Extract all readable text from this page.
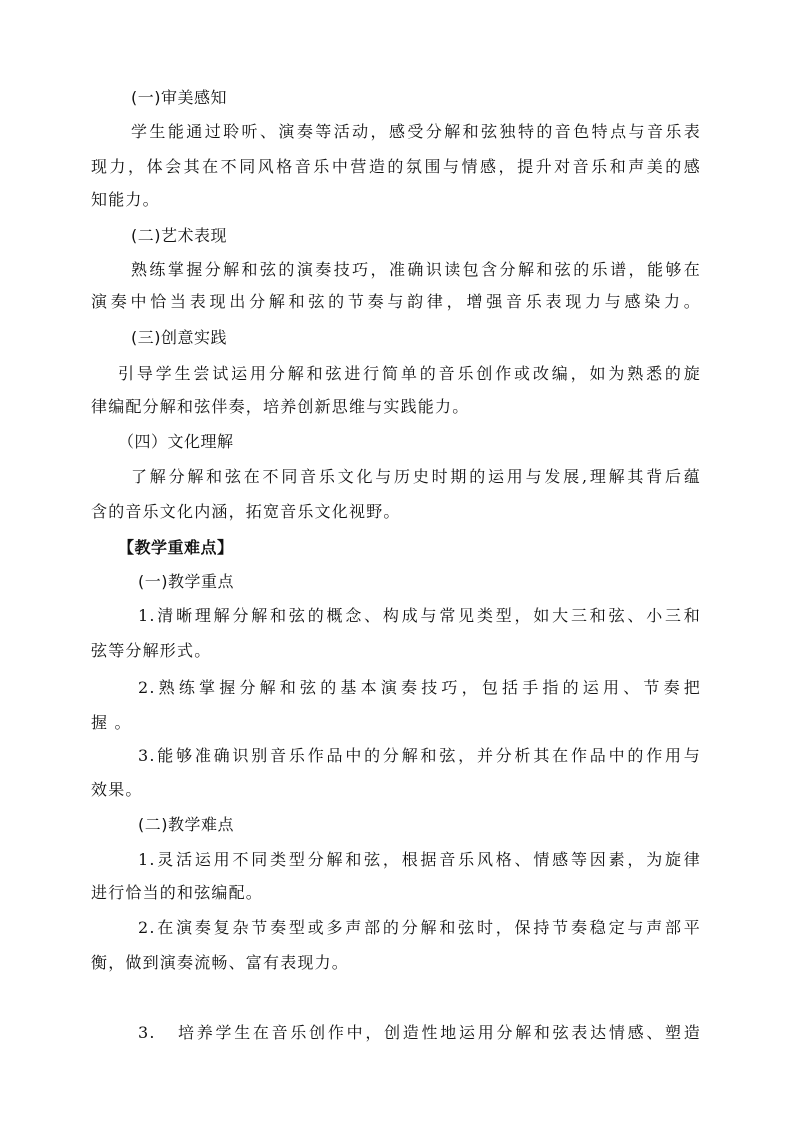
(一)审美感知
学生能通过聆听、演奏等活动，感受分解和弦独特的音色特点与音乐表
现力，体会其在不同风格音乐中营造的氛围与情感，提升对音乐和声美的感
知能力。
(二)艺术表现
熟练掌握分解和弦的演奏技巧，准确识读包含分解和弦的乐谱，能够在
演奏中恰当表现出分解和弦的节奏与韵律，增强音乐表现力与感染力。
(三)创意实践
引导学生尝试运用分解和弦进行简单的音乐创作或改编，如为熟悉的旋
律编配分解和弦伴奏，培养创新思维与实践能力。
（四）文化理解
了解分解和弦在不同音乐文化与历史时期的运用与发展,理解其背后蕴
含的音乐文化内涵，拓宽音乐文化视野。
【教学重难点】
(一)教学重点
1.清晰理解分解和弦的概念、构成与常见类型，如大三和弦、小三和
弦等分解形式。
2.熟练掌握分解和弦的基本演奏技巧，包括手指的运用、节奏把
握 。
3.能够准确识别音乐作品中的分解和弦，并分析其在作品中的作用与
效果。
(二)教学难点
1.灵活运用不同类型分解和弦，根据音乐风格、情感等因素，为旋律
进行恰当的和弦编配。
2.在演奏复杂节奏型或多声部的分解和弦时，保持节奏稳定与声部平
衡，做到演奏流畅、富有表现力。
3. 培养学生在音乐创作中，创造性地运用分解和弦表达情感、塑造
